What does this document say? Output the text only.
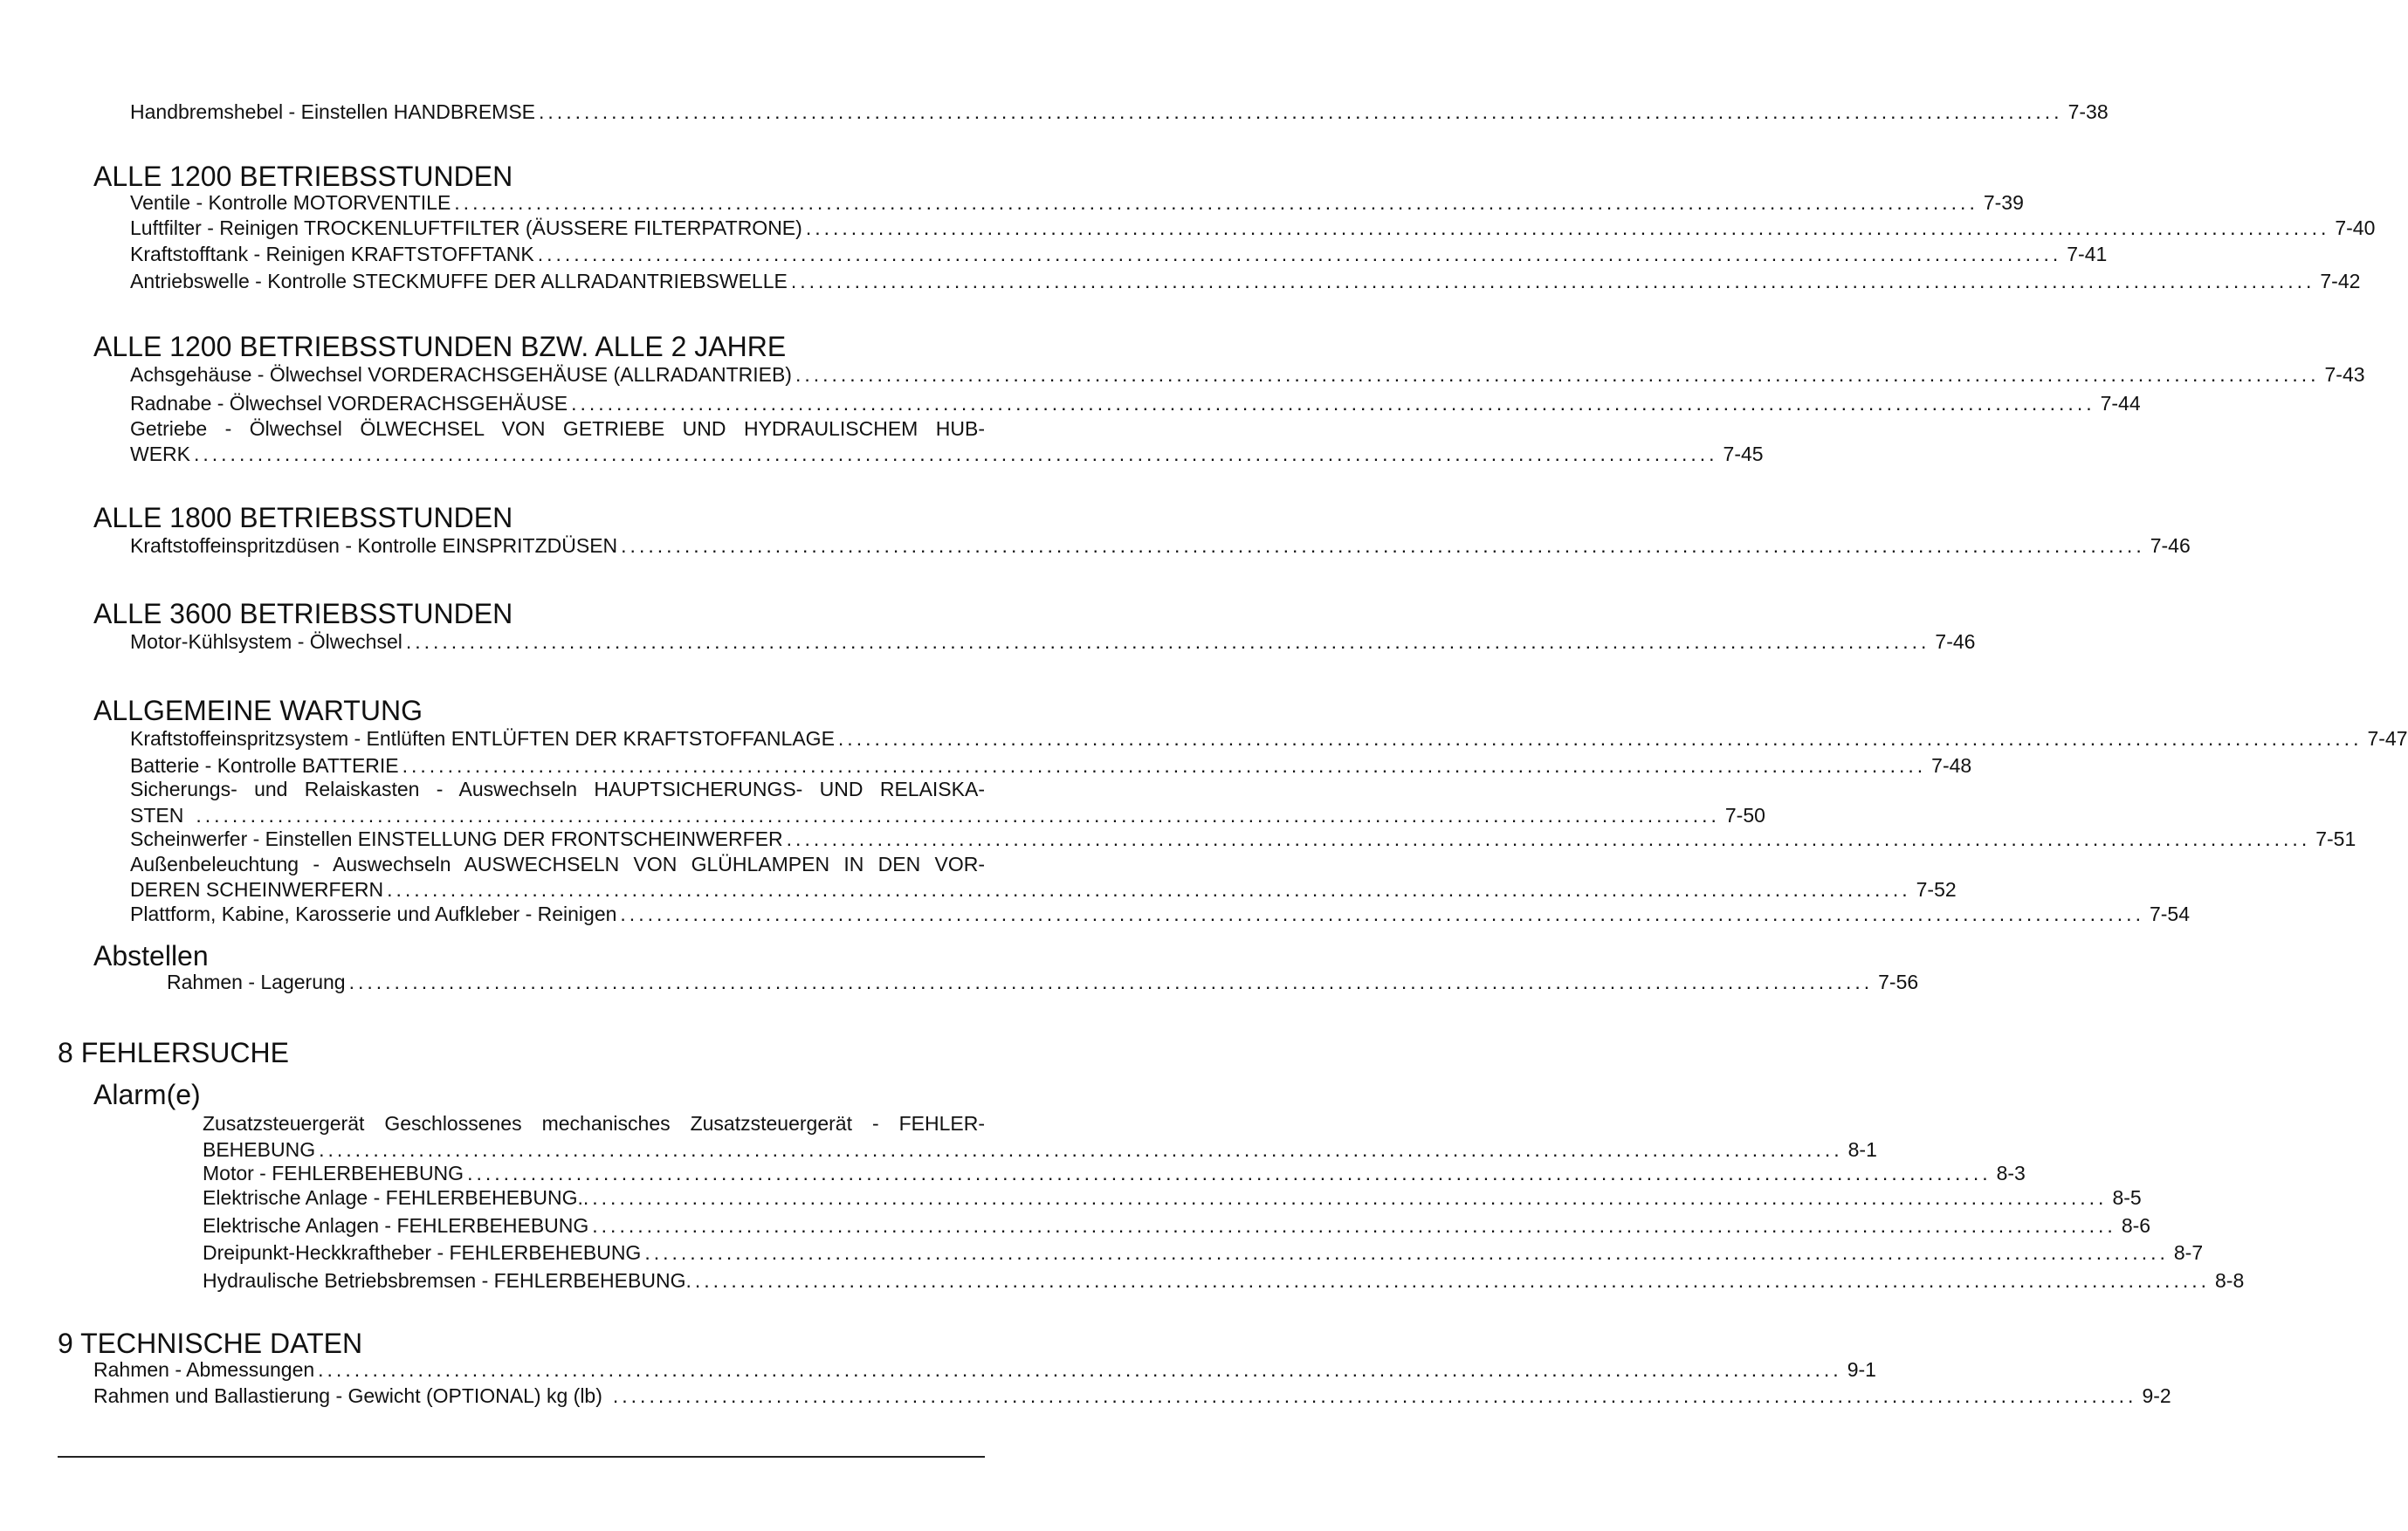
Handbremshebel - Einstellen HANDBREMSE ........................................................................................................................................................................ 7-38
ALLE 1200 BETRIEBSSTUNDEN
Ventile - Kontrolle MOTORVENTILE ........................................................................................................................................................................ 7-39
Luftfilter - Reinigen TROCKENLUFTFILTER (ÄUSSERE FILTERPATRONE) ........................................................................................................................................................................ 7-40
Kraftstofftank - Reinigen KRAFTSTOFFTANK ........................................................................................................................................................................ 7-41
Antriebswelle - Kontrolle STECKMUFFE DER ALLRADANTRIEBSWELLE ........................................................................................................................................................................ 7-42
ALLE 1200 BETRIEBSSTUNDEN BZW. ALLE 2 JAHRE
Achsgehäuse - Ölwechsel VORDERACHSGEHÄUSE (ALLRADANTRIEB) ........................................................................................................................................................................ 7-43
Radnabe - Ölwechsel VORDERACHSGEHÄUSE ........................................................................................................................................................................ 7-44
Getriebe - Ölwechsel ÖLWECHSEL VON GETRIEBE UND HYDRAULISCHEM HUB-
WERK ........................................................................................................................................................................ 7-45
ALLE 1800 BETRIEBSSTUNDEN
Kraftstoffeinspritzdüsen - Kontrolle EINSPRITZDÜSEN ........................................................................................................................................................................ 7-46
ALLE 3600 BETRIEBSSTUNDEN
Motor-Kühlsystem - Ölwechsel ........................................................................................................................................................................ 7-46
ALLGEMEINE WARTUNG
Kraftstoffeinspritzsystem - Entlüften ENTLÜFTEN DER KRAFTSTOFFANLAGE ........................................................................................................................................................................ 7-47
Batterie - Kontrolle BATTERIE ........................................................................................................................................................................ 7-48
Sicherungs- und Relaiskasten - Auswechseln HAUPTSICHERUNGS- UND RELAISKA-
STEN ........................................................................................................................................................................ 7-50
Scheinwerfer - Einstellen EINSTELLUNG DER FRONTSCHEINWERFER ........................................................................................................................................................................ 7-51
Außenbeleuchtung - Auswechseln AUSWECHSELN VON GLÜHLAMPEN IN DEN VOR-
DEREN SCHEINWERFERN ........................................................................................................................................................................ 7-52
Plattform, Kabine, Karosserie und Aufkleber - Reinigen ........................................................................................................................................................................ 7-54
Abstellen
Rahmen - Lagerung ........................................................................................................................................................................ 7-56
8 FEHLERSUCHE
Alarm(e)
Zusatzsteuergerät Geschlossenes mechanisches Zusatzsteuergerät - FEHLER-
BEHEBUNG ........................................................................................................................................................................ 8-1
Motor - FEHLERBEHEBUNG ........................................................................................................................................................................ 8-3
Elektrische Anlage - FEHLERBEHEBUNG. ........................................................................................................................................................................ 8-5
Elektrische Anlagen - FEHLERBEHEBUNG ........................................................................................................................................................................ 8-6
Dreipunkt-Heckkraftheber - FEHLERBEHEBUNG ........................................................................................................................................................................ 8-7
Hydraulische Betriebsbremsen - FEHLERBEHEBUNG ........................................................................................................................................................................ 8-8
9 TECHNISCHE DATEN
Rahmen - Abmessungen ........................................................................................................................................................................ 9-1
Rahmen und Ballastierung - Gewicht (OPTIONAL) kg (lb) ........................................................................................................................................................................ 9-2
